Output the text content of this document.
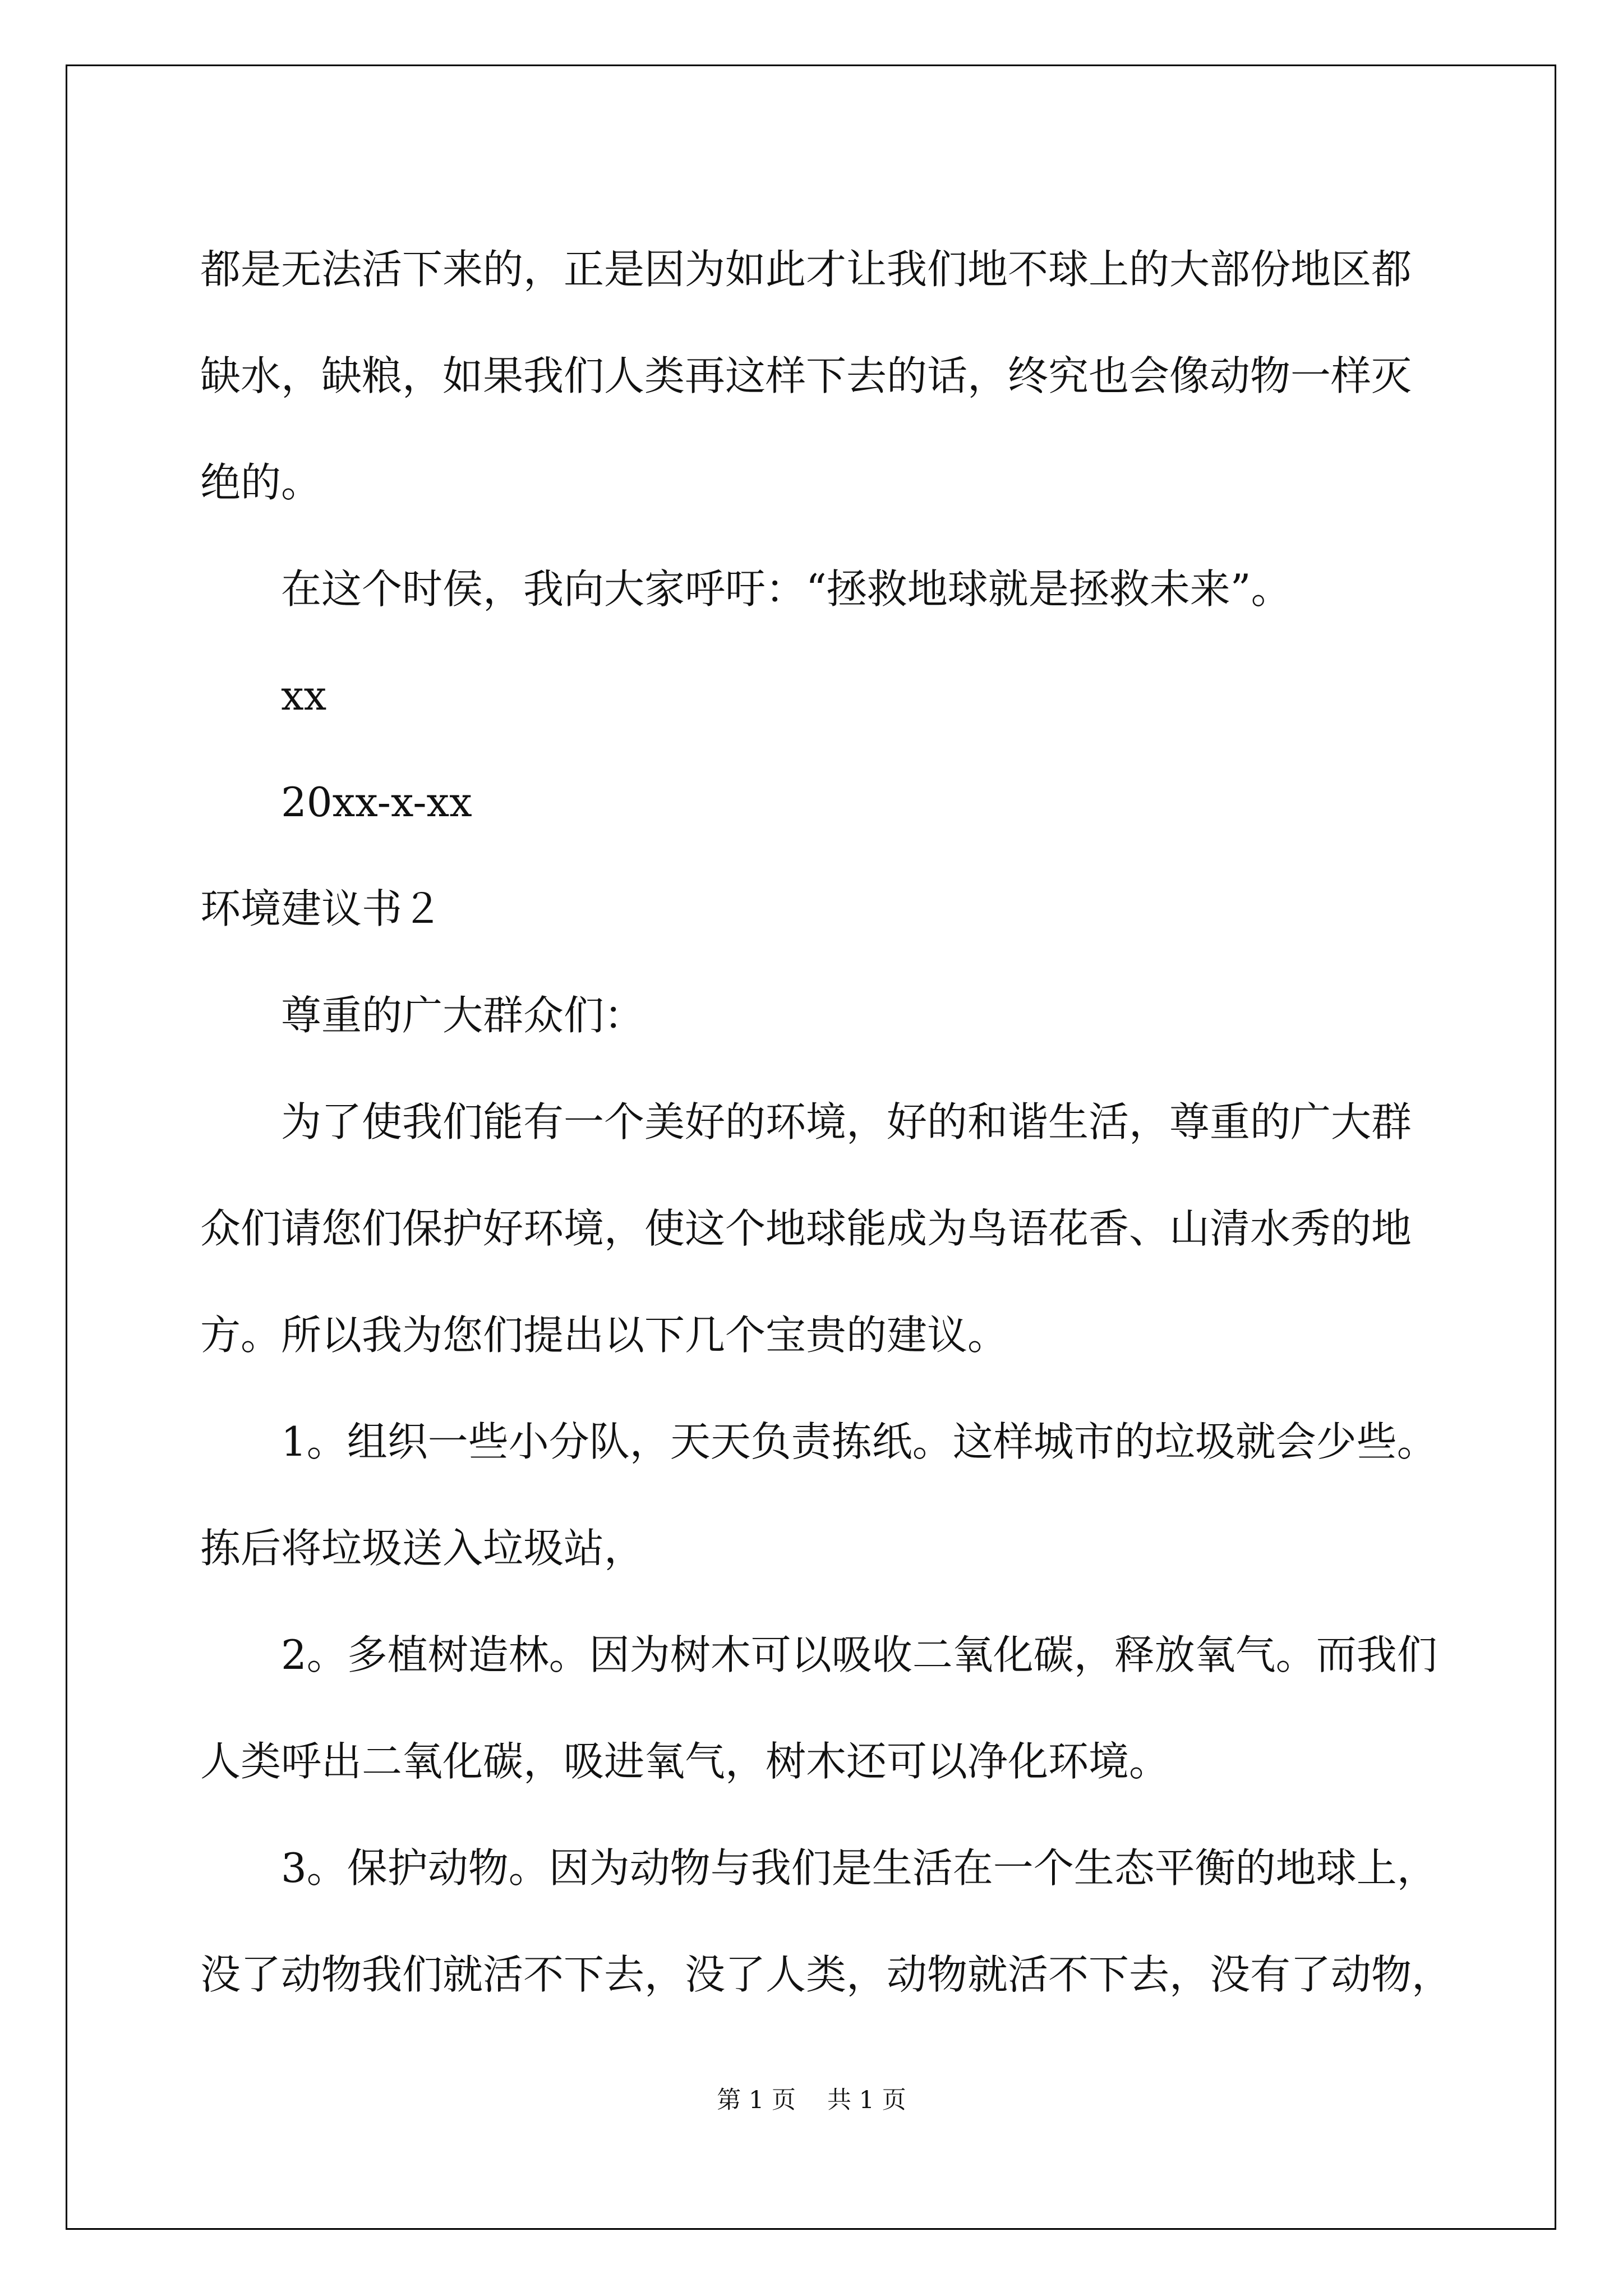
都是无法活下来的，正是因为如此才让我们地不球上的大部份地区都
缺水，缺粮，如果我们人类再这样下去的话，终究也会像动物一样灭
绝的。
在这个时侯，我向大家呼吁：“拯救地球就是拯救未来”。
xx
20xx-x-xx
环境建议书２
尊重的广大群众们：
为了使我们能有一个美好的环境，好的和谐生活，尊重的广大群
众们请您们保护好环境，使这个地球能成为鸟语花香、山清水秀的地
方。所以我为您们提出以下几个宝贵的建议。
1。组织一些小分队，天天负责拣纸。这样城市的垃圾就会少些。
拣后将垃圾送入垃圾站，
2。多植树造林。因为树木可以吸收二氧化碳，释放氧气。而我们
人类呼出二氧化碳，吸进氧气，树木还可以净化环境。
3。保护动物。因为动物与我们是生活在一个生态平衡的地球上，
没了动物我们就活不下去，没了人类，动物就活不下去，没有了动物，
第 1 页 共 1 页
